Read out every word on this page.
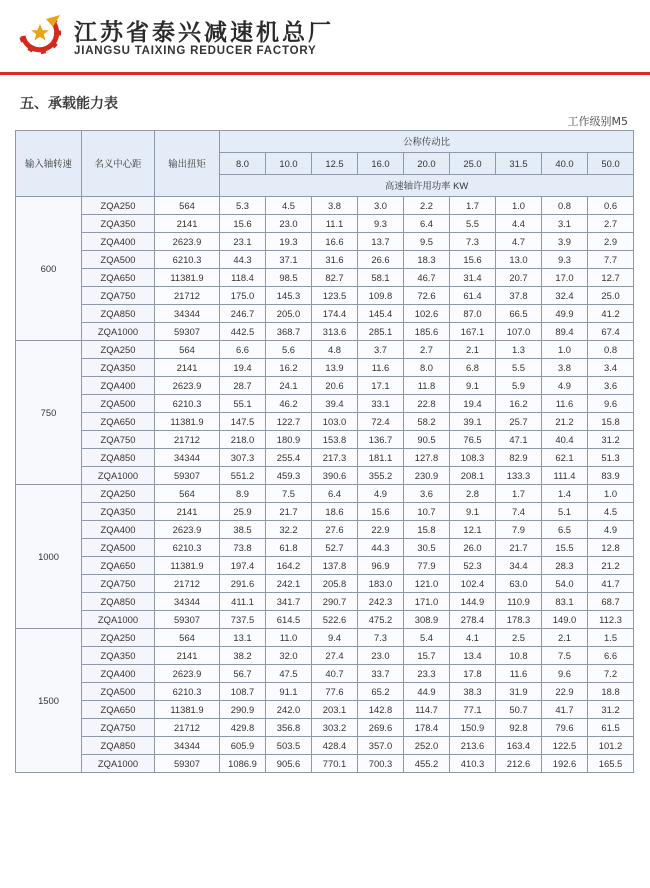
江苏省泰兴减速机总厂
JIANGSU TAIXING REDUCER FACTORY
五、承载能力表
工作级别M5
输入轴转速	名义中心距	输出扭矩	公称传动比								
			8.0	10.0	12.5	16.0	20.0	25.0	31.5	40.0	50.0
			高速轴许用功率 KW								
600	ZQA250	564	5.3	4.5	3.8	3.0	2.2	1.7	1.0	0.8	0.6
	ZQA350	2141	15.6	23.0	11.1	9.3	6.4	5.5	4.4	3.1	2.7
	ZQA400	2623.9	23.1	19.3	16.6	13.7	9.5	7.3	4.7	3.9	2.9
	ZQA500	6210.3	44.3	37.1	31.6	26.6	18.3	15.6	13.0	9.3	7.7
	ZQA650	11381.9	118.4	98.5	82.7	58.1	46.7	31.4	20.7	17.0	12.7
	ZQA750	21712	175.0	145.3	123.5	109.8	72.6	61.4	37.8	32.4	25.0
	ZQA850	34344	246.7	205.0	174.4	145.4	102.6	87.0	66.5	49.9	41.2
	ZQA1000	59307	442.5	368.7	313.6	285.1	185.6	167.1	107.0	89.4	67.4
750	ZQA250	564	6.6	5.6	4.8	3.7	2.7	2.1	1.3	1.0	0.8
	ZQA350	2141	19.4	16.2	13.9	11.6	8.0	6.8	5.5	3.8	3.4
	ZQA400	2623.9	28.7	24.1	20.6	17.1	11.8	9.1	5.9	4.9	3.6
	ZQA500	6210.3	55.1	46.2	39.4	33.1	22.8	19.4	16.2	11.6	9.6
	ZQA650	11381.9	147.5	122.7	103.0	72.4	58.2	39.1	25.7	21.2	15.8
	ZQA750	21712	218.0	180.9	153.8	136.7	90.5	76.5	47.1	40.4	31.2
	ZQA850	34344	307.3	255.4	217.3	181.1	127.8	108.3	82.9	62.1	51.3
	ZQA1000	59307	551.2	459.3	390.6	355.2	230.9	208.1	133.3	111.4	83.9
1000	ZQA250	564	8.9	7.5	6.4	4.9	3.6	2.8	1.7	1.4	1.0
	ZQA350	2141	25.9	21.7	18.6	15.6	10.7	9.1	7.4	5.1	4.5
	ZQA400	2623.9	38.5	32.2	27.6	22.9	15.8	12.1	7.9	6.5	4.9
	ZQA500	6210.3	73.8	61.8	52.7	44.3	30.5	26.0	21.7	15.5	12.8
	ZQA650	11381.9	197.4	164.2	137.8	96.9	77.9	52.3	34.4	28.3	21.2
	ZQA750	21712	291.6	242.1	205.8	183.0	121.0	102.4	63.0	54.0	41.7
	ZQA850	34344	411.1	341.7	290.7	242.3	171.0	144.9	110.9	83.1	68.7
	ZQA1000	59307	737.5	614.5	522.6	475.2	308.9	278.4	178.3	149.0	112.3
1500	ZQA250	564	13.1	11.0	9.4	7.3	5.4	4.1	2.5	2.1	1.5
	ZQA350	2141	38.2	32.0	27.4	23.0	15.7	13.4	10.8	7.5	6.6
	ZQA400	2623.9	56.7	47.5	40.7	33.7	23.3	17.8	11.6	9.6	7.2
	ZQA500	6210.3	108.7	91.1	77.6	65.2	44.9	38.3	31.9	22.9	18.8
	ZQA650	11381.9	290.9	242.0	203.1	142.8	114.7	77.1	50.7	41.7	31.2
	ZQA750	21712	429.8	356.8	303.2	269.6	178.4	150.9	92.8	79.6	61.5
	ZQA850	34344	605.9	503.5	428.4	357.0	252.0	213.6	163.4	122.5	101.2
	ZQA1000	59307	1086.9	905.6	770.1	700.3	455.2	410.3	212.6	192.6	165.5
